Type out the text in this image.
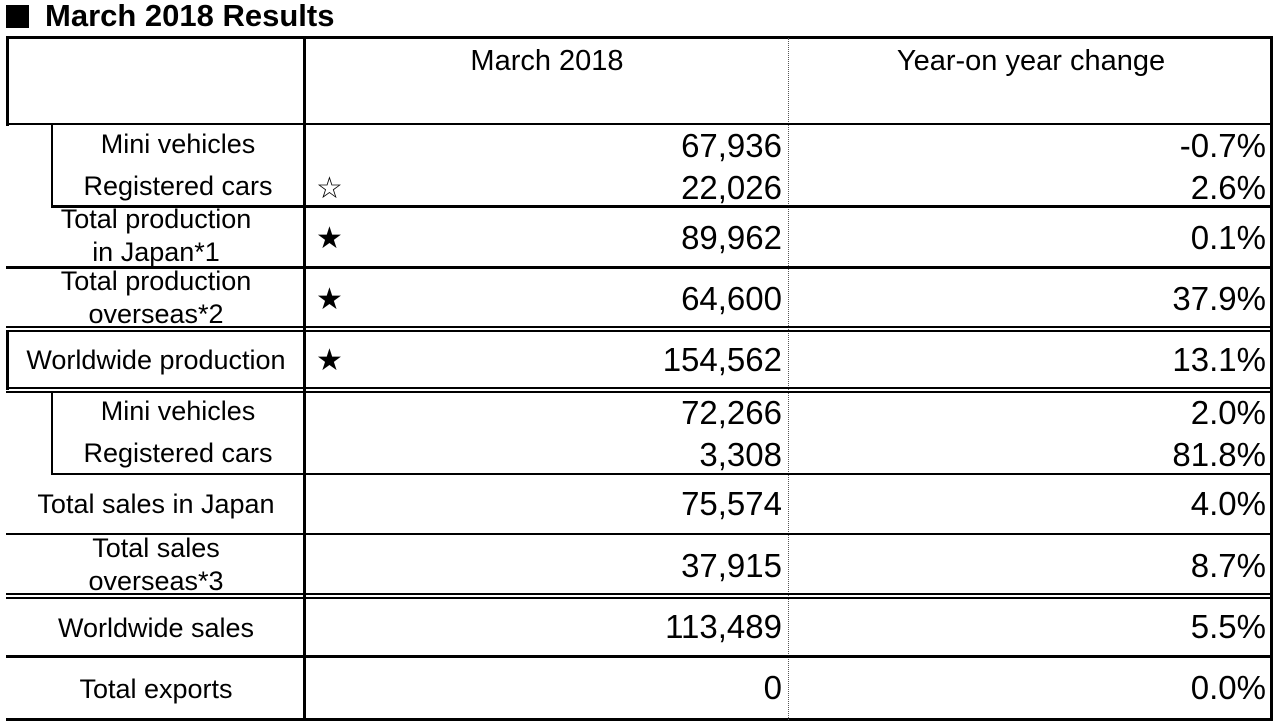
March 2018 Results
March 2018	Year-on year change
Mini vehicles	67,936	-0.7%
Registered cars	☆	22,026	2.6%
Total production
in Japan*1	★	89,962	0.1%
Total production
overseas*2	★	64,600	37.9%
Worldwide production	★	154,562	13.1%
Mini vehicles	72,266	2.0%
Registered cars	3,308	81.8%
Total sales in Japan	75,574	4.0%
Total sales
overseas*3	37,915	8.7%
Worldwide sales	113,489	5.5%
Total exports	0	0.0%
